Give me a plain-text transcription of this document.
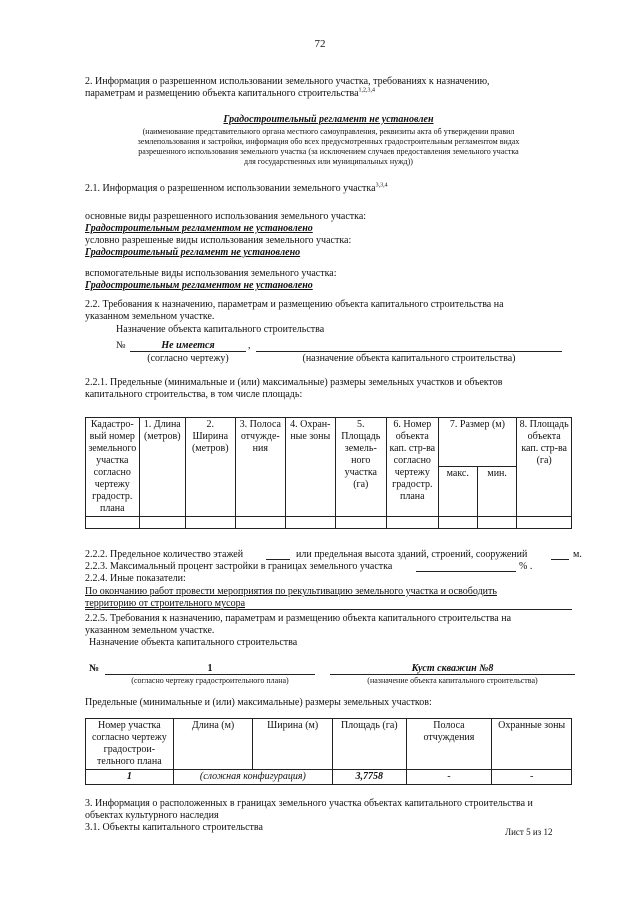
72
2. Информация о разрешенном использовании земельного участка, требованиях к назначению,
параметрам и размещению объекта капитального строительства$^{1,2,3,4}$
Градостроительный регламент не установлен
(наименование представительного органа местного самоуправления, реквизиты акта об утверждении правил
землепользования и застройки, информация обо всех предусмотренных градостроительным регламентом видах
разрешенного использования земельного участка (за исключением случаев предоставления земельного участка
для государственных или муниципальных нужд))
2.1. Информация о разрешенном использовании земельного участка$^{3,3,4}$
основные виды разрешенного использования земельного участка:
Градостроительным регламентом не установлено
условно разрешеные виды использования земельного участка:
Градостроительный регламент не установлено
вспомогательные виды использования земельного участка:
Градостроительным регламентом не установлено
2.2. Требования к назначению, параметрам и размещению объекта капитального строительства на
указанном земельном участке.
Назначение объекта капитального строительства
№	Не имеется	,
(согласно чертежу)	(назначение объекта капитального строительства)
2.2.1. Предельные (минимальные и (или) максимальные) размеры земельных участков и объектов
капитального строительства, в том числе площадь:
Кадастро-вый номер земельного участка согласно чертежу градостр. плана	1. Длина (метров)	2. Ширина (метров)	3. Полоса отчужде-ния	4. Охран-ные зоны	5. Площадь земель-ного участка (га)	6. Номер объекта кап. стр-ва согласно чертежу градостр. плана	7. Размер (м)		8. Площадь объекта кап. стр-ва (га)
							макс.	мин.	

2.2.2. Предельное количество этажей	или предельная высота зданий, строений, сооружений	м.
2.2.3. Максимальный процент застройки в границах земельного участка	% .
2.2.4. Иные показатели:
По окончанию работ провести мероприятия по рекультивацию земельного участка и освободить
территорию от строительного мусора
2.2.5. Требования к назначению, параметрам и размещению объекта капитального строительства на
указанном земельном участке.
Назначение объекта капитального строительства
№	1	Куст скважин №8
(согласно чертежу градостроительного плана)	(назначение объекта капитального строительства)
Предельные (минимальные и (или) максимальные) размеры земельных участков:
Номер участка согласно чертежу градострои-тельного плана	Длина (м)	Ширина (м)	Площадь (га)	Полоса отчуждения	Охранные зоны
1	(сложная конфигурация)		3,7758	-	-
3. Информация о расположенных в границах земельного участка объектах капитального строительства и
объектах культурного наследия
3.1. Объекты капитального строительства	Лист 5 из 12
